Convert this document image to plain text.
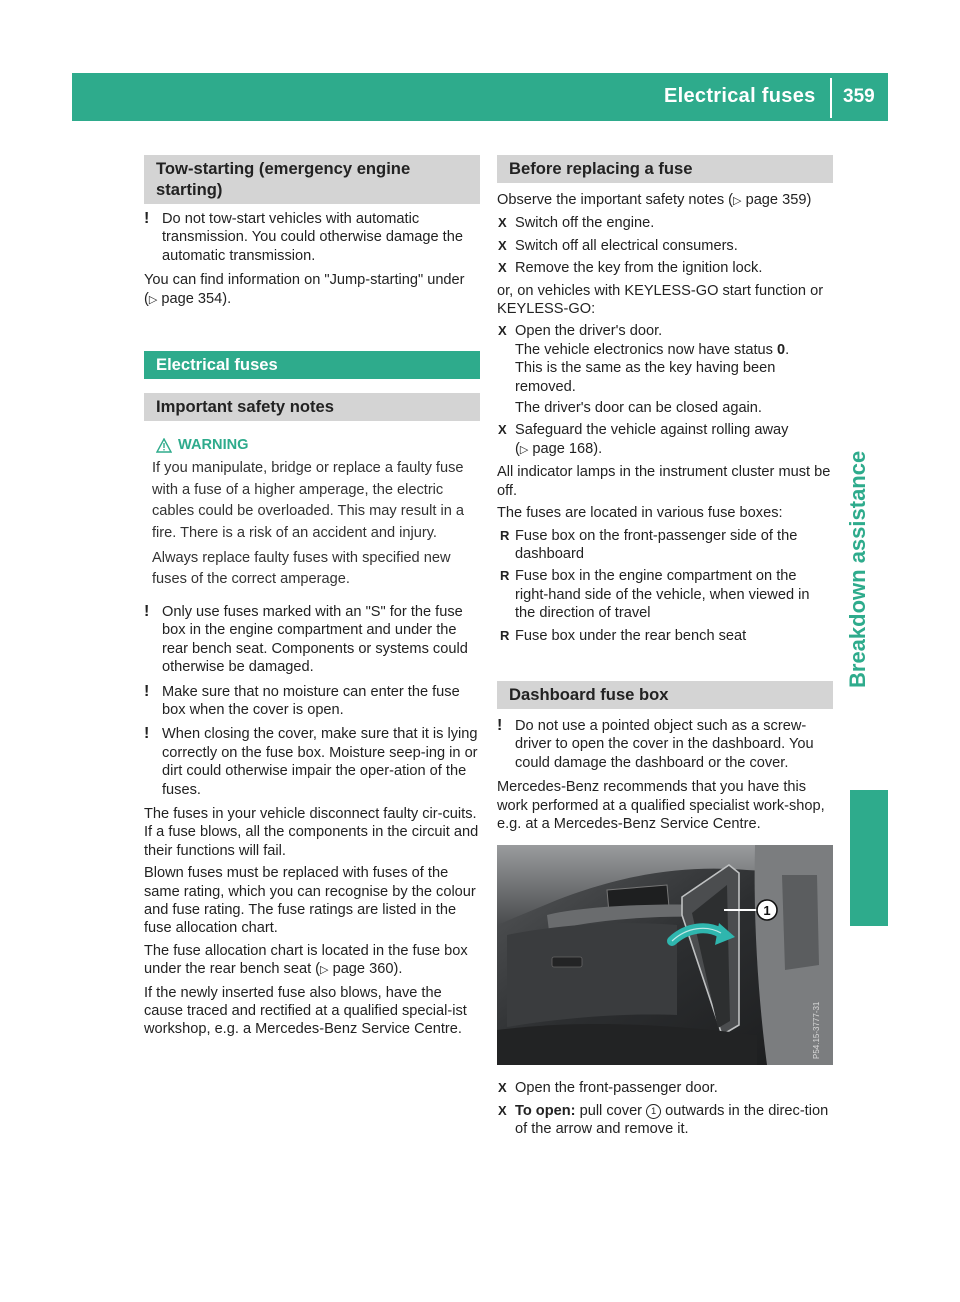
Electrical fuses 359
Breakdown assistance
Tow-starting (emergency engine starting)
! Do not tow-start vehicles with automatic transmission. You could otherwise damage the automatic transmission.

You can find information on "Jump-starting" under (▷ page 354).

Electrical fuses
Important safety notes
WARNING
If you manipulate, bridge or replace a faulty fuse with a fuse of a higher amperage, the electric cables could be overloaded. This may result in a fire. There is a risk of an accident and injury.
Always replace faulty fuses with specified new fuses of the correct amperage.
! Only use fuses marked with an "S" for the fuse box in the engine compartment and under the rear bench seat. Components or systems could otherwise be damaged.
! Make sure that no moisture can enter the fuse box when the cover is open.
! When closing the cover, make sure that it is lying correctly on the fuse box. Moisture seep-ing in or dirt could otherwise impair the oper-ation of the fuses.

The fuses in your vehicle disconnect faulty cir-cuits. If a fuse blows, all the components in the circuit and their functions will fail.

Blown fuses must be replaced with fuses of the same rating, which you can recognise by the colour and fuse rating. The fuse ratings are listed in the fuse allocation chart.

The fuse allocation chart is located in the fuse box under the rear bench seat (▷ page 360).

If the newly inserted fuse also blows, have the cause traced and rectified at a qualified special-ist workshop, e.g. a Mercedes-Benz Service Centre.

Before replacing a fuse

Observe the important safety notes (▷ page 359)

X Switch off the engine.
X Switch off all electrical consumers.
X Remove the key from the ignition lock.

or, on vehicles with KEYLESS-GO start function or KEYLESS-GO:

X Open the driver's door.
The vehicle electronics now have status 0.
This is the same as the key having been removed.
The driver's door can be closed again.
X Safeguard the vehicle against rolling away
(▷ page 168).

All indicator lamps in the instrument cluster must be off.

The fuses are located in various fuse boxes:

R Fuse box on the front-passenger side of the dashboard
R Fuse box in the engine compartment on the right-hand side of the vehicle, when viewed in the direction of travel
R Fuse box under the rear bench seat
Dashboard fuse box
! Do not use a pointed object such as a screw-driver to open the cover in the dashboard. You could damage the dashboard or the cover.

Mercedes-Benz recommends that you have this work performed at a qualified specialist work-shop, e.g. at a Mercedes-Benz Service Centre.

1
P54.15-3777-31
X Open the front-passenger door.
X To open: pull cover 1 outwards in the direc-tion of the arrow and remove it.
